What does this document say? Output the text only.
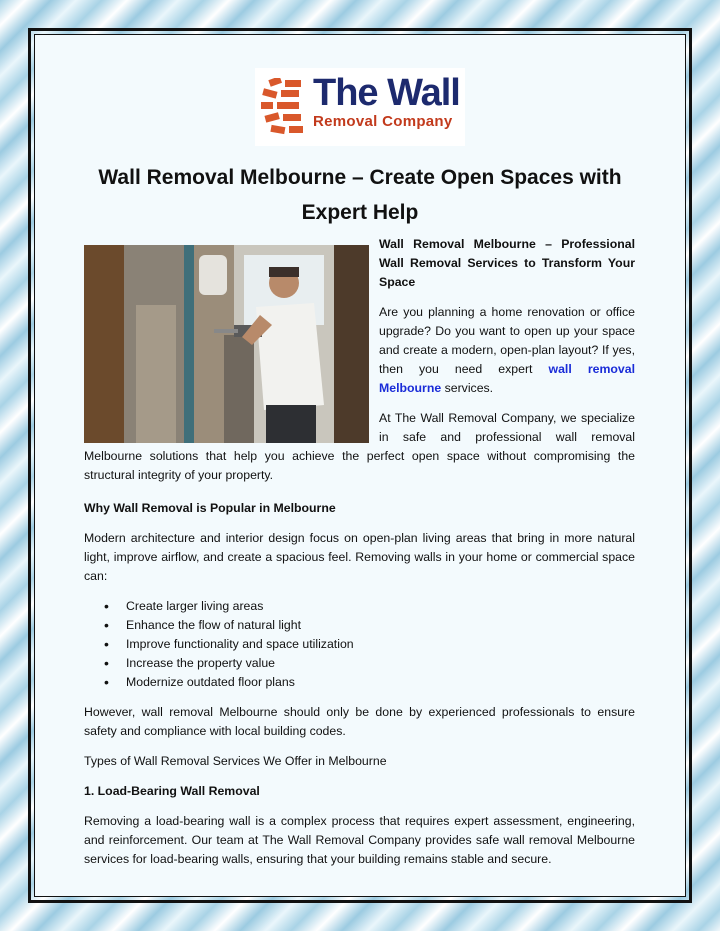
The Wall
Removal Company
Wall Removal Melbourne – Create Open Spaces with Expert Help

Wall Removal Melbourne – Professional Wall Removal Services to Transform Your Space

Are you planning a home renovation or office upgrade? Do you want to open up your space and create a modern, open-plan layout? If yes, then you need expert wall removal Melbourne services.

At The Wall Removal Company, we specialize in safe and professional wall removal Melbourne solutions that help you achieve the perfect open space without compromising the structural integrity of your property.

Why Wall Removal is Popular in Melbourne

Modern architecture and interior design focus on open-plan living areas that bring in more natural light, improve airflow, and create a spacious feel. Removing walls in your home or commercial space can:

• Create larger living areas
• Enhance the flow of natural light
• Improve functionality and space utilization
• Increase the property value
• Modernize outdated floor plans

However, wall removal Melbourne should only be done by experienced professionals to ensure safety and compliance with local building codes.

Types of Wall Removal Services We Offer in Melbourne

1. Load-Bearing Wall Removal

Removing a load-bearing wall is a complex process that requires expert assessment, engineering, and reinforcement. Our team at The Wall Removal Company provides safe wall removal Melbourne services for load-bearing walls, ensuring that your building remains stable and secure.
